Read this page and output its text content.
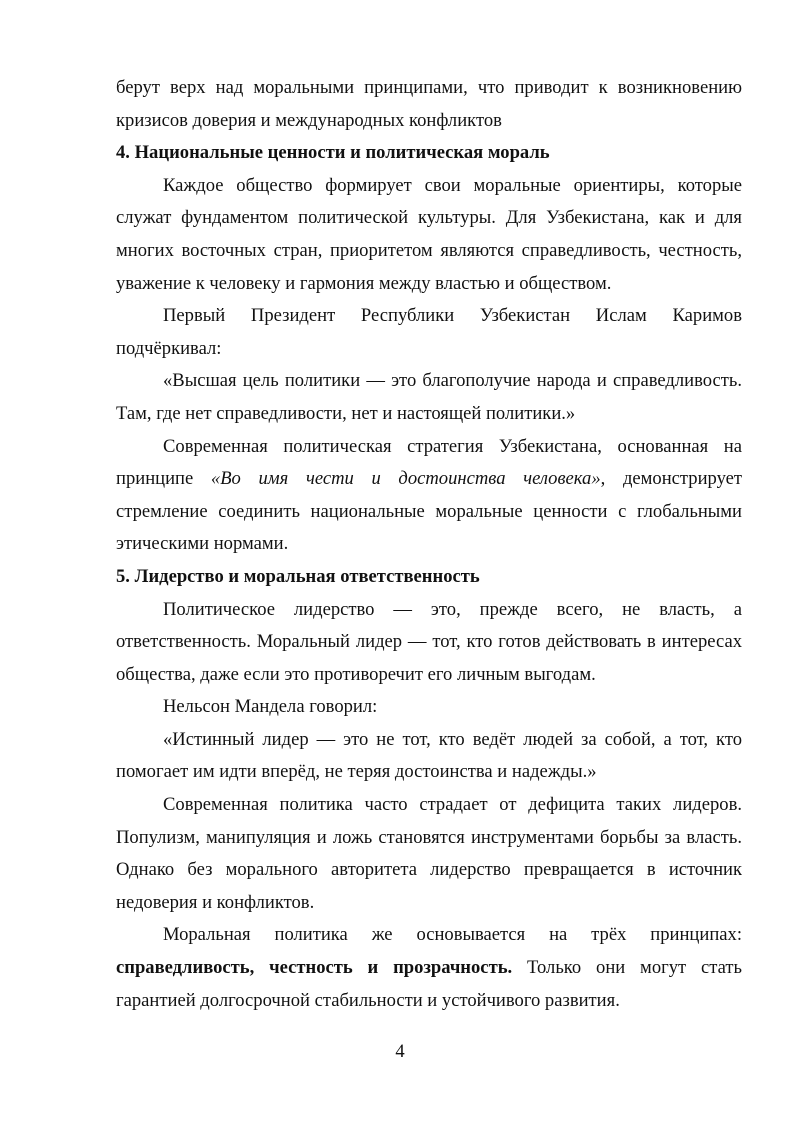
берут верх над моральными принципами, что приводит к возникновению

кризисов доверия и международных конфликтов

4. Национальные ценности и политическая мораль

Каждое общество формирует свои моральные ориентиры, которые

служат фундаментом политической культуры. Для Узбекистана, как и для

многих восточных стран, приоритетом являются справедливость, честность,

уважение к человеку и гармония между властью и обществом.

Первый Президент Республики Узбекистан Ислам Каримов

подчёркивал:

«Высшая цель политики — это благополучие народа и справедливость.

Там, где нет справедливости, нет и настоящей политики.»

Современная политическая стратегия Узбекистана, основанная на

принципе «Во имя чести и достоинства человека», демонстрирует

стремление соединить национальные моральные ценности с глобальными

этическими нормами.

5. Лидерство и моральная ответственность

Политическое лидерство — это, прежде всего, не власть, а

ответственность. Моральный лидер — тот, кто готов действовать в интересах

общества, даже если это противоречит его личным выгодам.

Нельсон Мандела говорил:

«Истинный лидер — это не тот, кто ведёт людей за собой, а тот, кто

помогает им идти вперёд, не теряя достоинства и надежды.»

Современная политика часто страдает от дефицита таких лидеров.

Популизм, манипуляция и ложь становятся инструментами борьбы за власть.

Однако без морального авторитета лидерство превращается в источник

недоверия и конфликтов.

Моральная политика же основывается на трёх принципах:

справедливость, честность и прозрачность. Только они могут стать

гарантией долгосрочной стабильности и устойчивого развития.

4
